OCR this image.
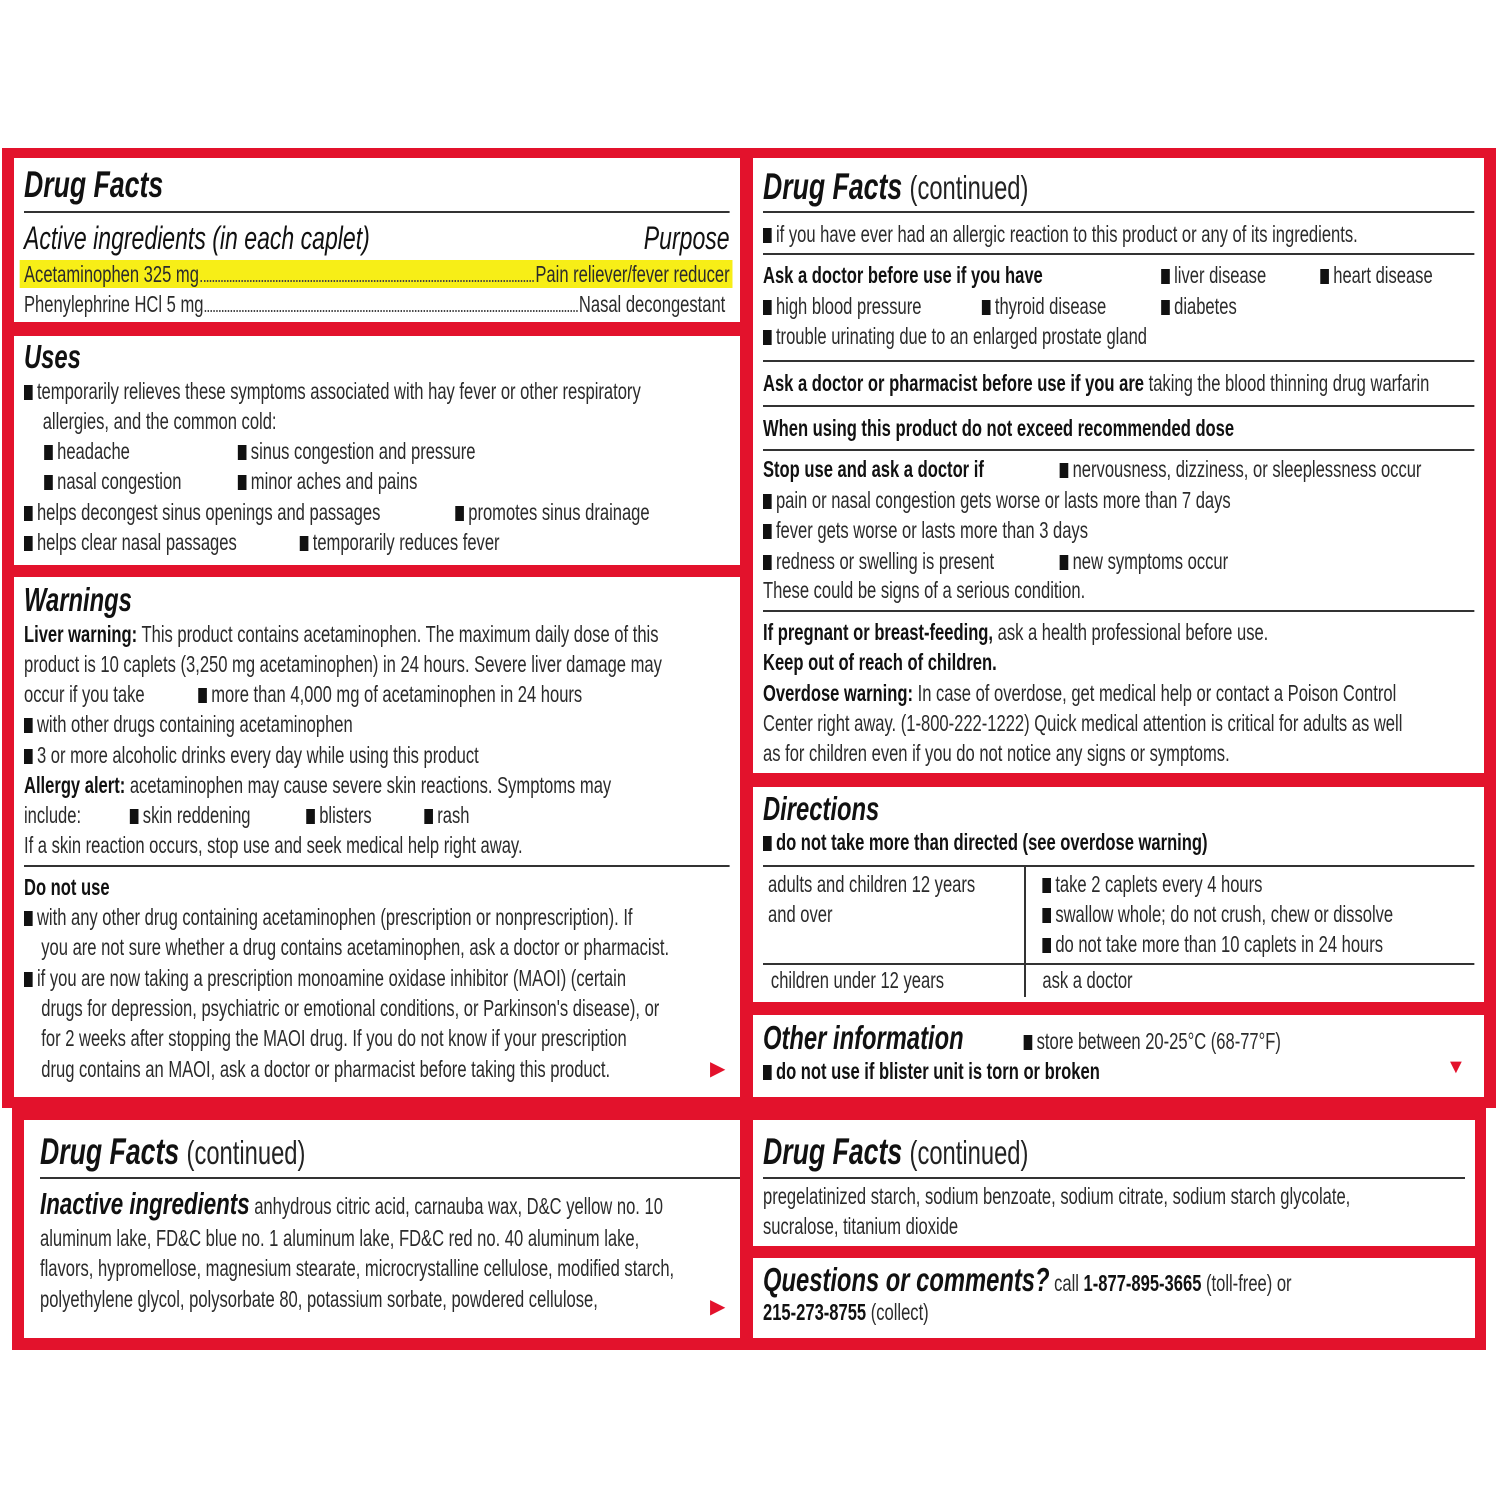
Drug Facts
Active ingredients (in each caplet)	Purpose
Acetaminophen 325 mg	Pain reliever/fever reducer
Phenylephrine HCl 5 mg	Nasal decongestant
Uses
temporarily relieves these symptoms associated with hay fever or other respiratory
allergies, and the common cold:
headache	sinus congestion and pressure
nasal congestion	minor aches and pains
helps decongest sinus openings and passages	promotes sinus drainage
helps clear nasal passages	temporarily reduces fever
Warnings
Liver warning: This product contains acetaminophen. The maximum daily dose of this
product is 10 caplets (3,250 mg acetaminophen) in 24 hours. Severe liver damage may
occur if you take	more than 4,000 mg of acetaminophen in 24 hours
with other drugs containing acetaminophen
3 or more alcoholic drinks every day while using this product
Allergy alert: acetaminophen may cause severe skin reactions. Symptoms may
include:	skin reddening	blisters	rash
If a skin reaction occurs, stop use and seek medical help right away.
Do not use
with any other drug containing acetaminophen (prescription or nonprescription). If
you are not sure whether a drug contains acetaminophen, ask a doctor or pharmacist.
if you are now taking a prescription monoamine oxidase inhibitor (MAOI) (certain
drugs for depression, psychiatric or emotional conditions, or Parkinson's disease), or
for 2 weeks after stopping the MAOI drug. If you do not know if your prescription
drug contains an MAOI, ask a doctor or pharmacist before taking this product.	▶
Drug Facts (continued)
if you have ever had an allergic reaction to this product or any of its ingredients.
Ask a doctor before use if you have	liver disease	heart disease
high blood pressure	thyroid disease	diabetes
trouble urinating due to an enlarged prostate gland
Ask a doctor or pharmacist before use if you are taking the blood thinning drug warfarin
When using this product do not exceed recommended dose
Stop use and ask a doctor if	nervousness, dizziness, or sleeplessness occur
pain or nasal congestion gets worse or lasts more than 7 days
fever gets worse or lasts more than 3 days
redness or swelling is present	new symptoms occur
These could be signs of a serious condition.
If pregnant or breast-feeding, ask a health professional before use.
Keep out of reach of children.
Overdose warning: In case of overdose, get medical help or contact a Poison Control
Center right away. (1-800-222-1222) Quick medical attention is critical for adults as well
as for children even if you do not notice any signs or symptoms.
Directions
do not take more than directed (see overdose warning)
adults and children 12 years	take 2 caplets every 4 hours
and over	swallow whole; do not crush, chew or dissolve
do not take more than 10 caplets in 24 hours
children under 12 years	ask a doctor
Other information	store between 20-25°C (68-77°F)
do not use if blister unit is torn or broken	▼
Drug Facts (continued)
Inactive ingredients anhydrous citric acid, carnauba wax, D&C yellow no. 10
aluminum lake, FD&C blue no. 1 aluminum lake, FD&C red no. 40 aluminum lake,
flavors, hypromellose, magnesium stearate, microcrystalline cellulose, modified starch,
polyethylene glycol, polysorbate 80, potassium sorbate, powdered cellulose,	▶
Drug Facts (continued)
pregelatinized starch, sodium benzoate, sodium citrate, sodium starch glycolate,
sucralose, titanium dioxide
Questions or comments? call 1-877-895-3665 (toll-free) or
215-273-8755 (collect)
